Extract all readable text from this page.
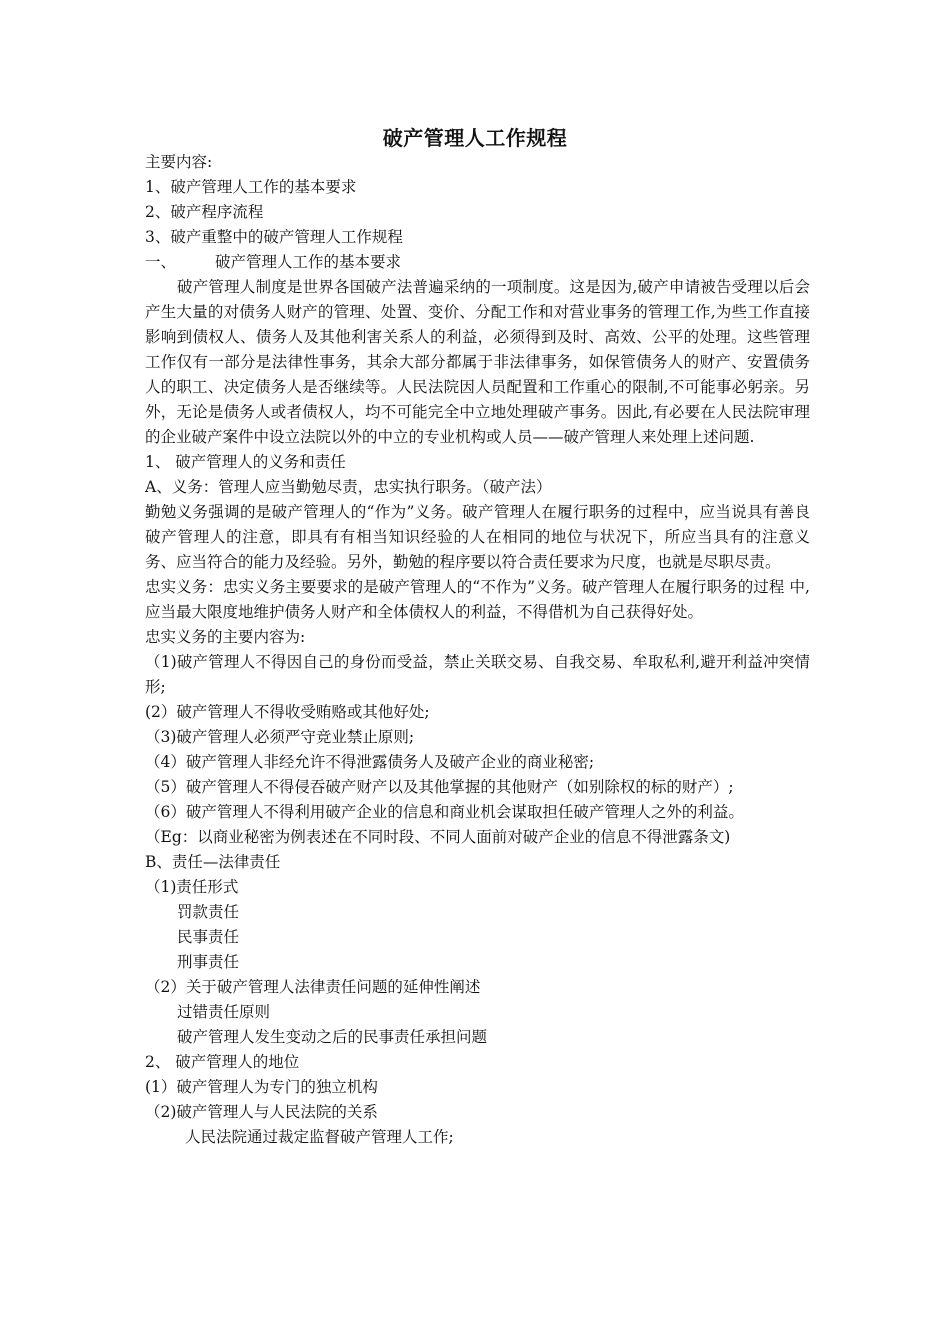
破产管理人工作规程

主要内容:

1、破产管理人工作的基本要求

2、破产程序流程

3、破产重整中的破产管理人工作规程

一、	破产管理人工作的基本要求

破产管理人制度是世界各国破产法普遍采纳的一项制度。这是因为,破产申请被告受理以后会产生大量的对债务人财产的管理、处置、变价、分配工作和对营业事务的管理工作,为些工作直接影响到债权人、债务人及其他利害关系人的利益，必须得到及时、高效、公平的处理。这些管理工作仅有一部分是法律性事务，其余大部分都属于非法律事务，如保管债务人的财产、安置债务人的职工、决定债务人是否继续等。人民法院因人员配置和工作重心的限制,不可能事必躬亲。另外，无论是债务人或者债权人，均不可能完全中立地处理破产事务。因此,有必要在人民法院审理的企业破产案件中设立法院以外的中立的专业机构或人员——破产管理人来处理上述问题.

1、 破产管理人的义务和责任

A、义务：管理人应当勤勉尽责，忠实执行职务。（破产法）

勤勉义务强调的是破产管理人的“作为”义务。破产管理人在履行职务的过程中，应当说具有善良破产管理人的注意，即具有有相当知识经验的人在相同的地位与状况下，所应当具有的注意义务、应当符合的能力及经验。另外，勤勉的程序要以符合责任要求为尺度，也就是尽职尽责。

忠实义务：忠实义务主要要求的是破产管理人的“不作为”义务。破产管理人在履行职务的过程 中,应当最大限度地维护债务人财产和全体债权人的利益，不得借机为自己获得好处。

忠实义务的主要内容为:

（1)破产管理人不得因自己的身份而受益，禁止关联交易、自我交易、牟取私利,避开利益冲突情形;

(2）破产管理人不得收受贿赂或其他好处;

（3)破产管理人必须严守竞业禁止原则;

（4）破产管理人非经允许不得泄露债务人及破产企业的商业秘密;

（5）破产管理人不得侵吞破产财产以及其他掌握的其他财产（如别除权的标的财产）;

（6）破产管理人不得利用破产企业的信息和商业机会谋取担任破产管理人之外的利益。

（Eg：以商业秘密为例表述在不同时段、不同人面前对破产企业的信息不得泄露条文)

B、责任—法律责任

（1)责任形式

罚款责任

民事责任

刑事责任

（2）关于破产管理人法律责任问题的延伸性阐述

过错责任原则

破产管理人发生变动之后的民事责任承担问题

2、 破产管理人的地位

(1）破产管理人为专门的独立机构

（2)破产管理人与人民法院的关系

人民法院通过裁定监督破产管理人工作;
